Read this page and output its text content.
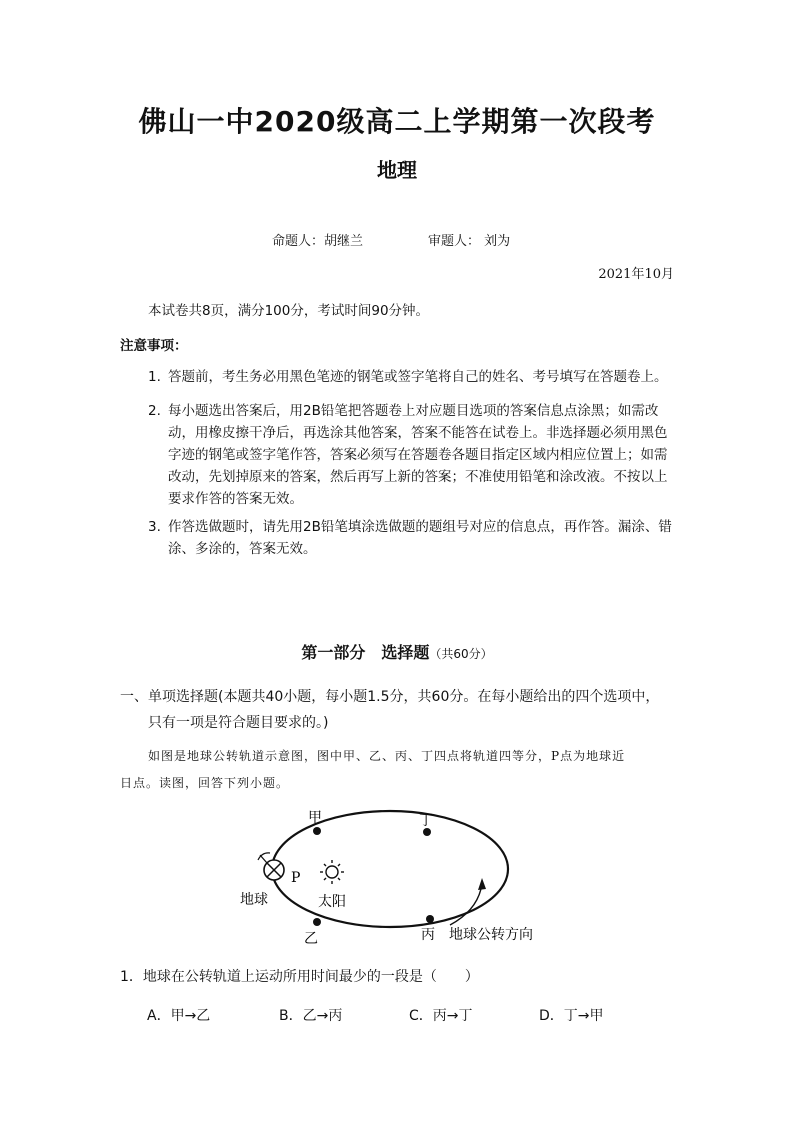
佛山一中2020级高二上学期第一次段考
地理
命题人：胡继兰	审题人： 刘为
2021年10月
本试卷共8页，满分100分，考试时间90分钟。
注意事项：
1. 答题前，考生务必用黑色笔迹的钢笔或签字笔将自己的姓名、考号填写在答题卷上。
2. 每小题选出答案后，用2B铅笔把答题卷上对应题目选项的答案信息点涂黑；如需改动，用橡皮擦干净后，再选涂其他答案，答案不能答在试卷上。非选择题必须用黑色字迹的钢笔或签字笔作答，答案必须写在答题卷各题目指定区域内相应位置上；如需改动，先划掉原来的答案，然后再写上新的答案；不准使用铅笔和涂改液。不按以上要求作答的答案无效。
3. 作答选做题时，请先用2B铅笔填涂选做题的题组号对应的信息点，再作答。漏涂、错涂、多涂的，答案无效。
第一部分　选择题（共60分）
一、单项选择题(本题共40小题，每小题1.5分，共60分。在每小题给出的四个选项中，
只有一项是符合题目要求的。)
如图是地球公转轨道示意图，图中甲、乙、丙、丁四点将轨道四等分，P点为地球近
日点。读图，回答下列小题。
甲	丁
乙	丙
P
地球	太阳
地球公转方向
1．地球在公转轨道上运动所用时间最少的一段是（　　）
A．甲→乙	B．乙→丙	C．丙→丁	D．丁→甲
